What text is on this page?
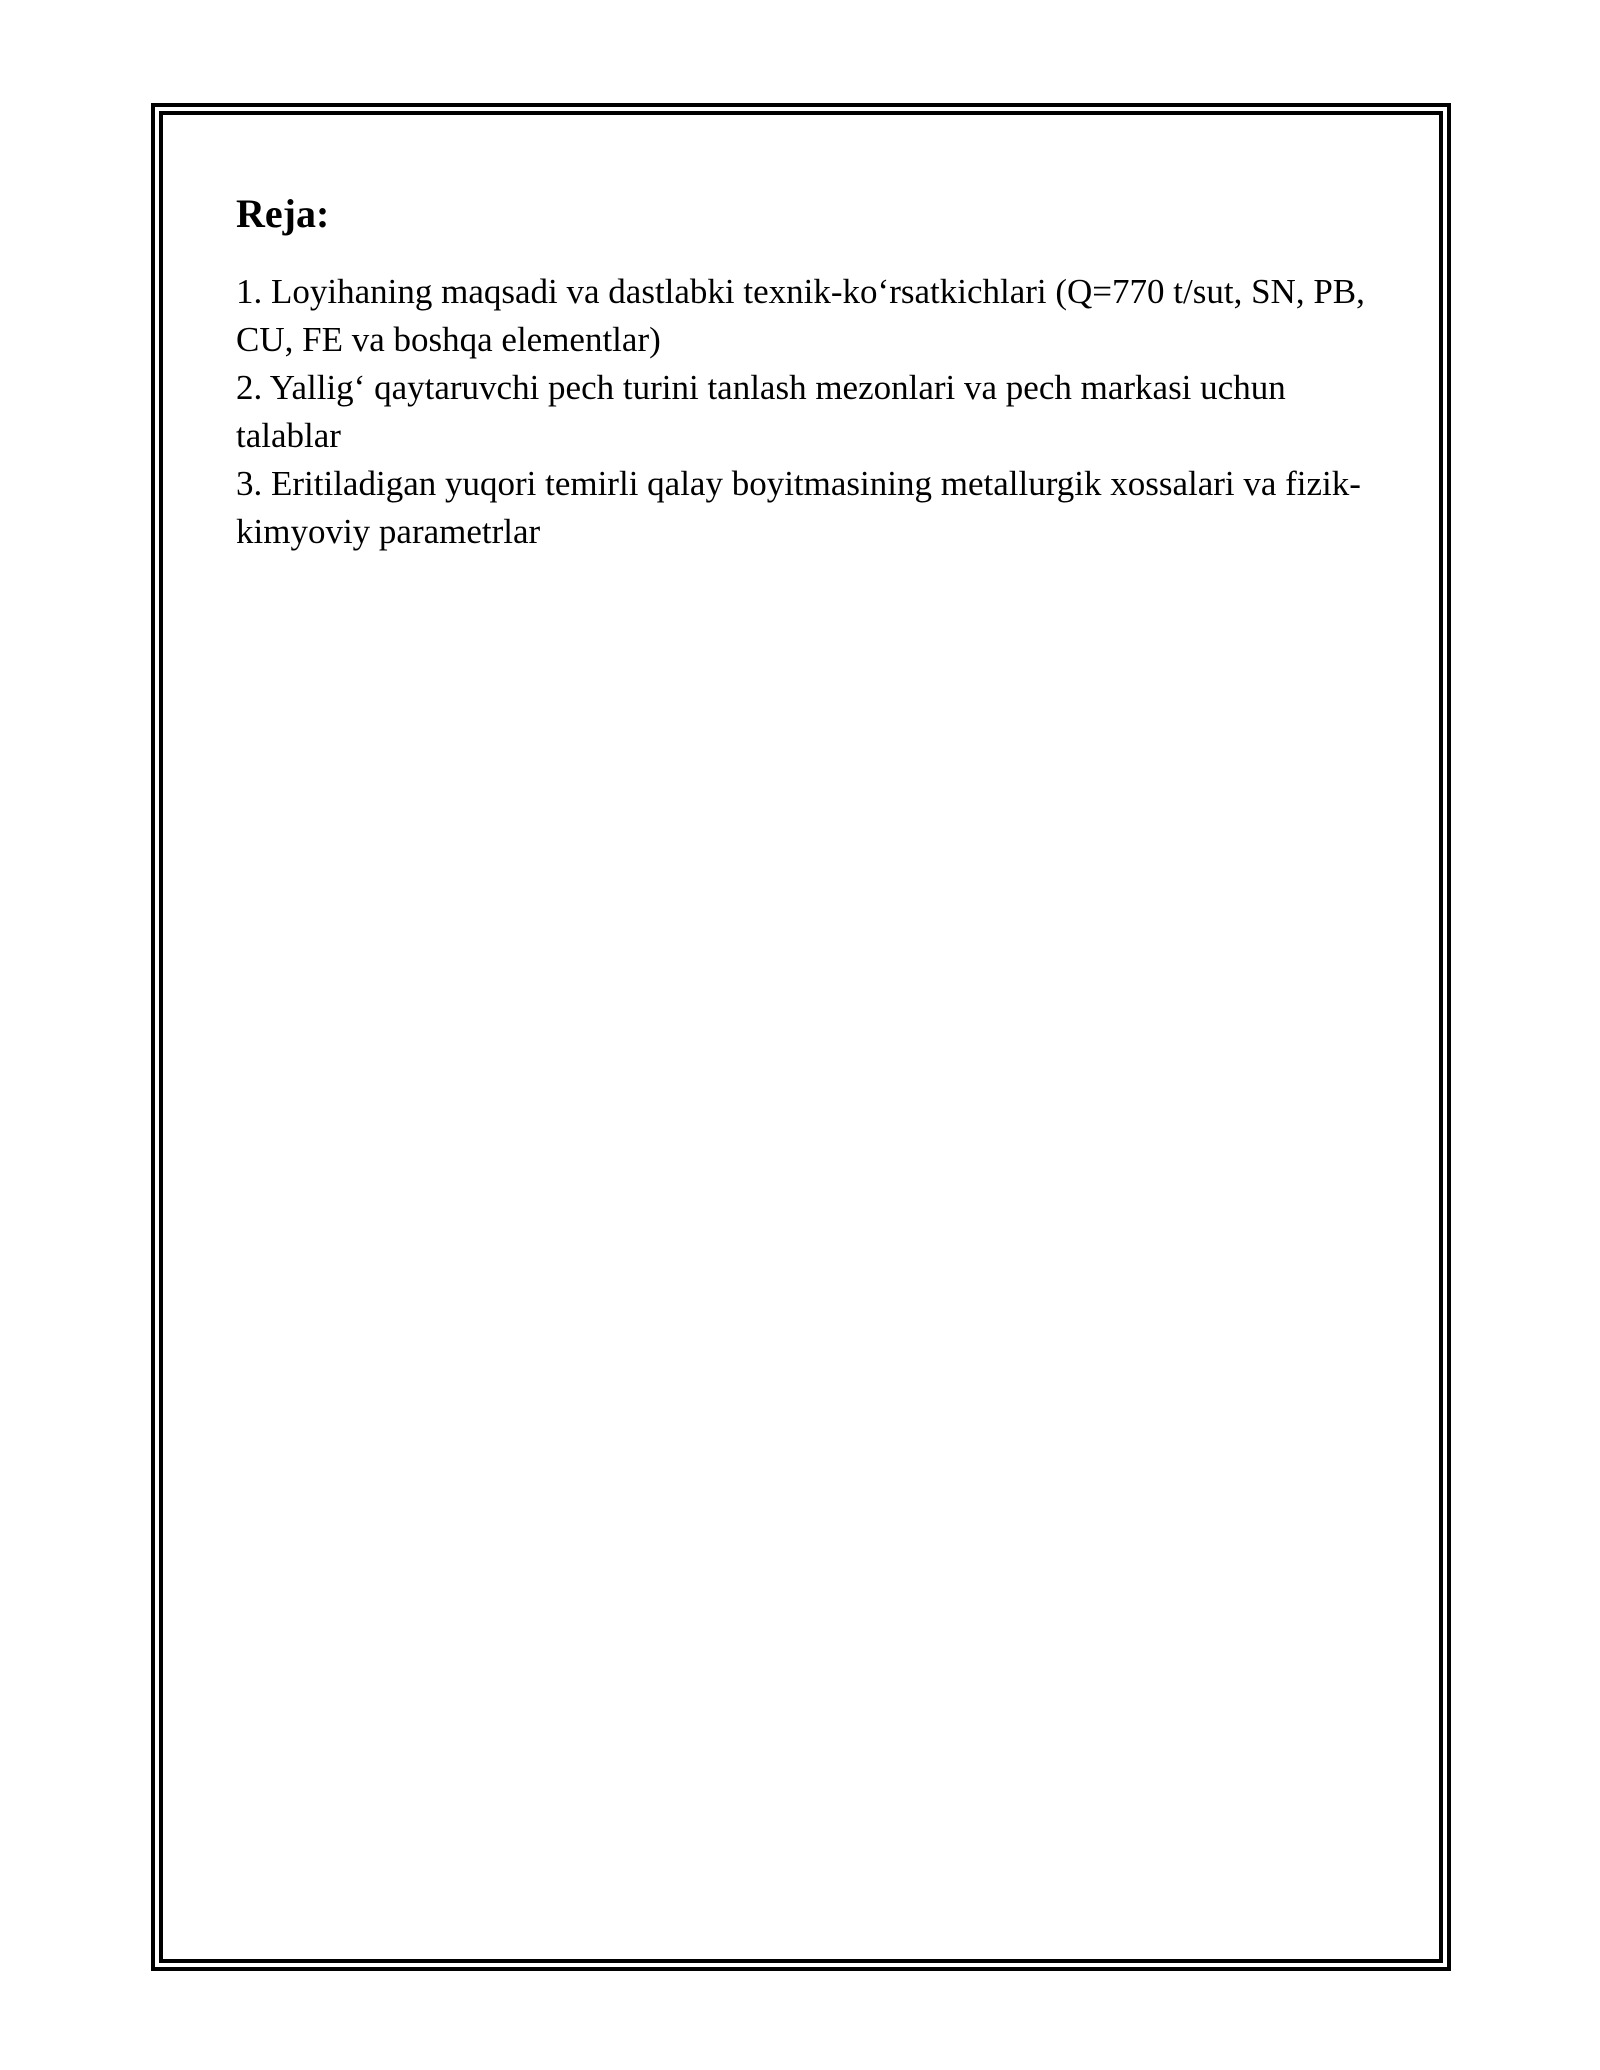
Reja:
1. Loyihaning maqsadi va dastlabki texnik-ko‘rsatkichlari (Q=770 t/sut, SN, PB, CU, FE va boshqa elementlar)
2. Yallig‘ qaytaruvchi pech turini tanlash mezonlari va pech markasi uchun talablar
3. Eritiladigan yuqori temirli qalay boyitmasining metallurgik xossalari va fizik-kimyoviy parametrlar
